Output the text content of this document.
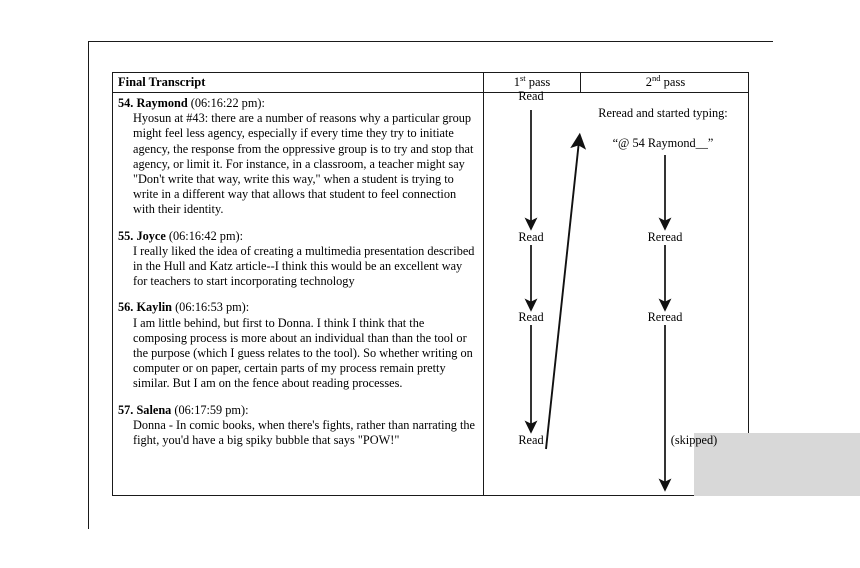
Final Transcript	1st pass	2nd pass
54. Raymond (06:16:22 pm):
Hyosun at #43: there are a number of reasons why a particular group might feel less agency, especially if every time they try to initiate agency, the response from the oppressive group is to try and stop that agency, or limit it. For instance, in a classroom, a teacher might say "Don't write that way, write this way," when a student is trying to write in a different way that allows that student to feel connection with their identity.
55. Joyce (06:16:42 pm):
I really liked the idea of creating a multimedia presentation described in the Hull and Katz article--I think this would be an excellent way for teachers to start incorporating technology
56. Kaylin (06:16:53 pm):
I am little behind, but first to Donna. I think I think that the composing process is more about an individual than than the tool or the purpose (which I guess relates to the tool). So whether writing on computer or on paper, certain parts of my process remain pretty similar. But I am on the fence about reading processes.
57. Salena (06:17:59 pm):
Donna - In comic books, when there's fights, rather than narrating the fight, you'd have a big spiky bubble that says "POW!"
Read
Read
Read
Read
Reread and started typing:
“@ 54 Raymond__”
Reread
Reread
(skipped)
